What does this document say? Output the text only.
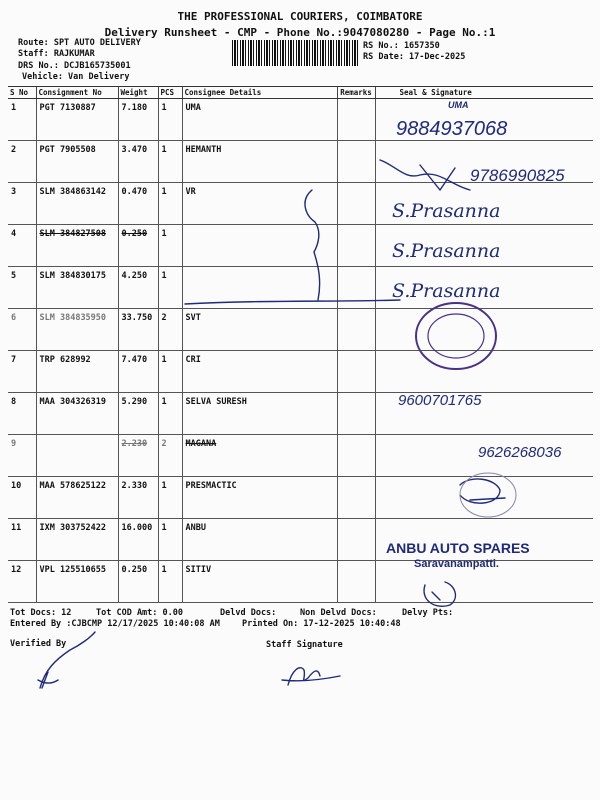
THE PROFESSIONAL COURIERS, COIMBATORE
Delivery Runsheet - CMP - Phone No.:9047080280 - Page No.:1
Route: SPT AUTO DELIVERY
Staff: RAJKUMAR
DRS No.: DCJB165735001
Vehicle: Van Delivery
RS No.: 1657350
RS Date: 17-Dec-2025
S No	Consignment No	Weight	PCS	Consignee Details	Remarks	Seal & Signature
1	PGT 7130887	7.180	1	UMA		
2	PGT 7905508	3.470	1	HEMANTH		
3	SLM 384863142	0.470	1	VR		
4	SLM 384827508	0.250	1			
5	SLM 384830175	4.250	1			
6	SLM 384835950	33.750	2	SVT		
7	TRP 628992	7.470	1	CRI		
8	MAA 304326319	5.290	1	SELVA SURESH		
9		2.230	2	MAGANA		
10	MAA 578625122	2.330	1	PRESMACTIC		
11	IXM 303752422	16.000	1	ANBU		
12	VPL 125510655	0.250	1	SITIV		
UMA
9884937068
9786990825
S.Prasanna
S.Prasanna
S.Prasanna
9600701765
9626268036
ANBU AUTO SPARES
Saravanampatti.
Tot Docs: 12	Tot COD Amt: 0.00	Delvd Docs:	Non Delvd Docs:	Delvy Pts:
Entered By :CJBCMP 12/17/2025 10:40:08 AM	Printed On: 17-12-2025 10:40:48
Verified By	Staff Signature
